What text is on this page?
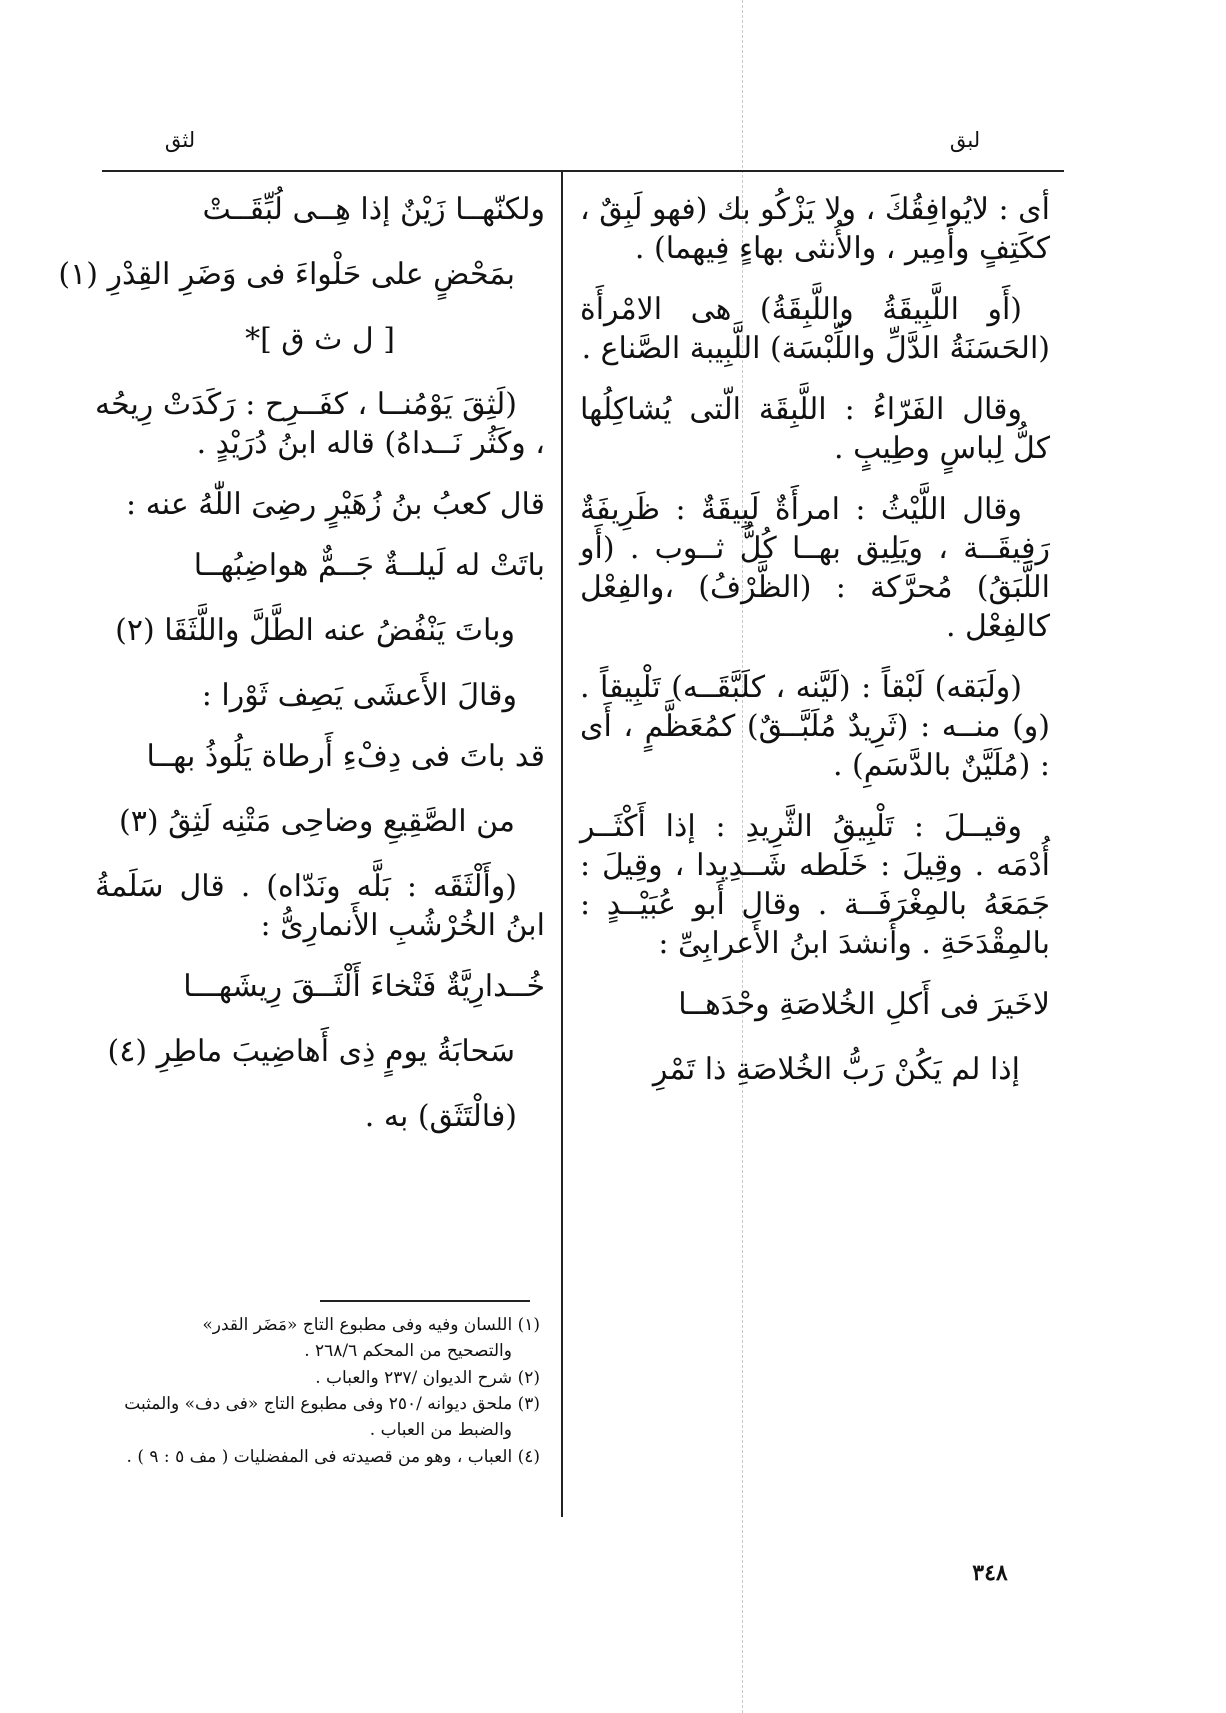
لبق
لثق

أى : لايُوافِقُكَ ، ولا يَزْكُو بك (فهو لَبِقٌ ، ككَتِفٍ وأَمِير ، والأُنثى بهاءٍ فِيهما) .

(أَو اللَّبِيقَةُ واللَّبِقَةُ) هى الامْرأَة (الحَسَنَةُ الدَّلِّ واللِّبْسَة) اللَّبِيبة الصَّناع .

وقال الفَرّاءُ : اللَّبِقَة الّتى يُشاكِلُها كلُّ لِباسٍ وطِيبٍ .

وقال اللَّيْثُ : امرأَةٌ لَبِيقَةٌ : ظَرِيفَةٌ رَفِيقَــة ، ويَلِيق بهــا كُلُّ ثــوب . (أَو اللَّبَقُ) مُحرَّكة : (الظَّرْفُ) ،والفِعْل كالفِعْل .

(ولَبَقه) لَبْقاً : (لَيَّنه ، كلَبَّقَــه) تَلْبِيقاً . (و) منــه : (ثَرِيدٌ مُلَبَّــقٌ) كمُعَظَّمٍ ، أَى : (مُلَيَّنٌ بالدَّسَمِ) .

وقيــلَ : تَلْبِيقُ الثَّرِيدِ : إذا أَكْثَــر أُدْمَه . وقِيلَ : خَلَطه شَــدِيدا ، وقِيلَ : جَمَعَهُ بالمِغْرَفَــة . وقال أَبو عُبَيْــدٍ : بالمِقْدَحَةِ . وأَنشدَ ابنُ الأَعرابِىِّ :

لاخَيرَ فى أَكلِ الخُلاصَةِ وحْدَهــا
إذا لم يَكُنْ رَبُّ الخُلاصَةِ ذا تَمْرِ
ولكنّهــا زَيْنٌ إذا هِــى لُبِّقَــتْ
بمَحْضٍ على حَلْواءَ فى وَضَرِ القِدْرِ (١)
[ ل ث ق ]*

(لَثِقَ يَوْمُنــا ، كفَــرِح : رَكَدَتْ رِيحُه ، وكَثُر نَــداهُ) قاله ابنُ دُرَيْدٍ .

قال كعبُ بنُ زُهَيْرٍ رضِىَ اللّٰهُ عنه :

باتَتْ له لَيلــةٌ جَــمٌّ هواضِبُهــا
وباتَ يَنْفُضُ عنه الطَّلَّ واللَّثَقَا (٢)

وقالَ الأَعشَى يَصِف ثَوْرا :

قد باتَ فى دِفْءِ أَرطاة يَلُوذُ بهــا
من الصَّقِيعِ وضاحِى مَتْنِه لَثِقُ (٣)

(وأَلْثَقَه : بَلَّه ونَدّاه) . قال سَلَمةُ ابنُ الخُرْشُبِ الأَنمارِىُّ :

خُــدارِيَّةٌ فَتْخاءَ أَلْثَــقَ رِيشَهـــا
سَحابَةُ يومٍ ذِى أَهاضِيبَ ماطِرِ (٤)

(فالْتَثَق) به .

(١) اللسان وفيه وفى مطبوع التاج «مَضَر القدر»

والتصحيح من المحكم ٢٦٨/٦ .

(٢) شرح الديوان /٢٣٧ والعباب .

(٣) ملحق ديوانه /٢٥٠ وفى مطبوع التاج «فى دف» والمثبت

والضبط من العباب .

(٤) العباب ، وهو من قصيدته فى المفضليات ( مف ٥ : ٩ ) .

٣٤٨
